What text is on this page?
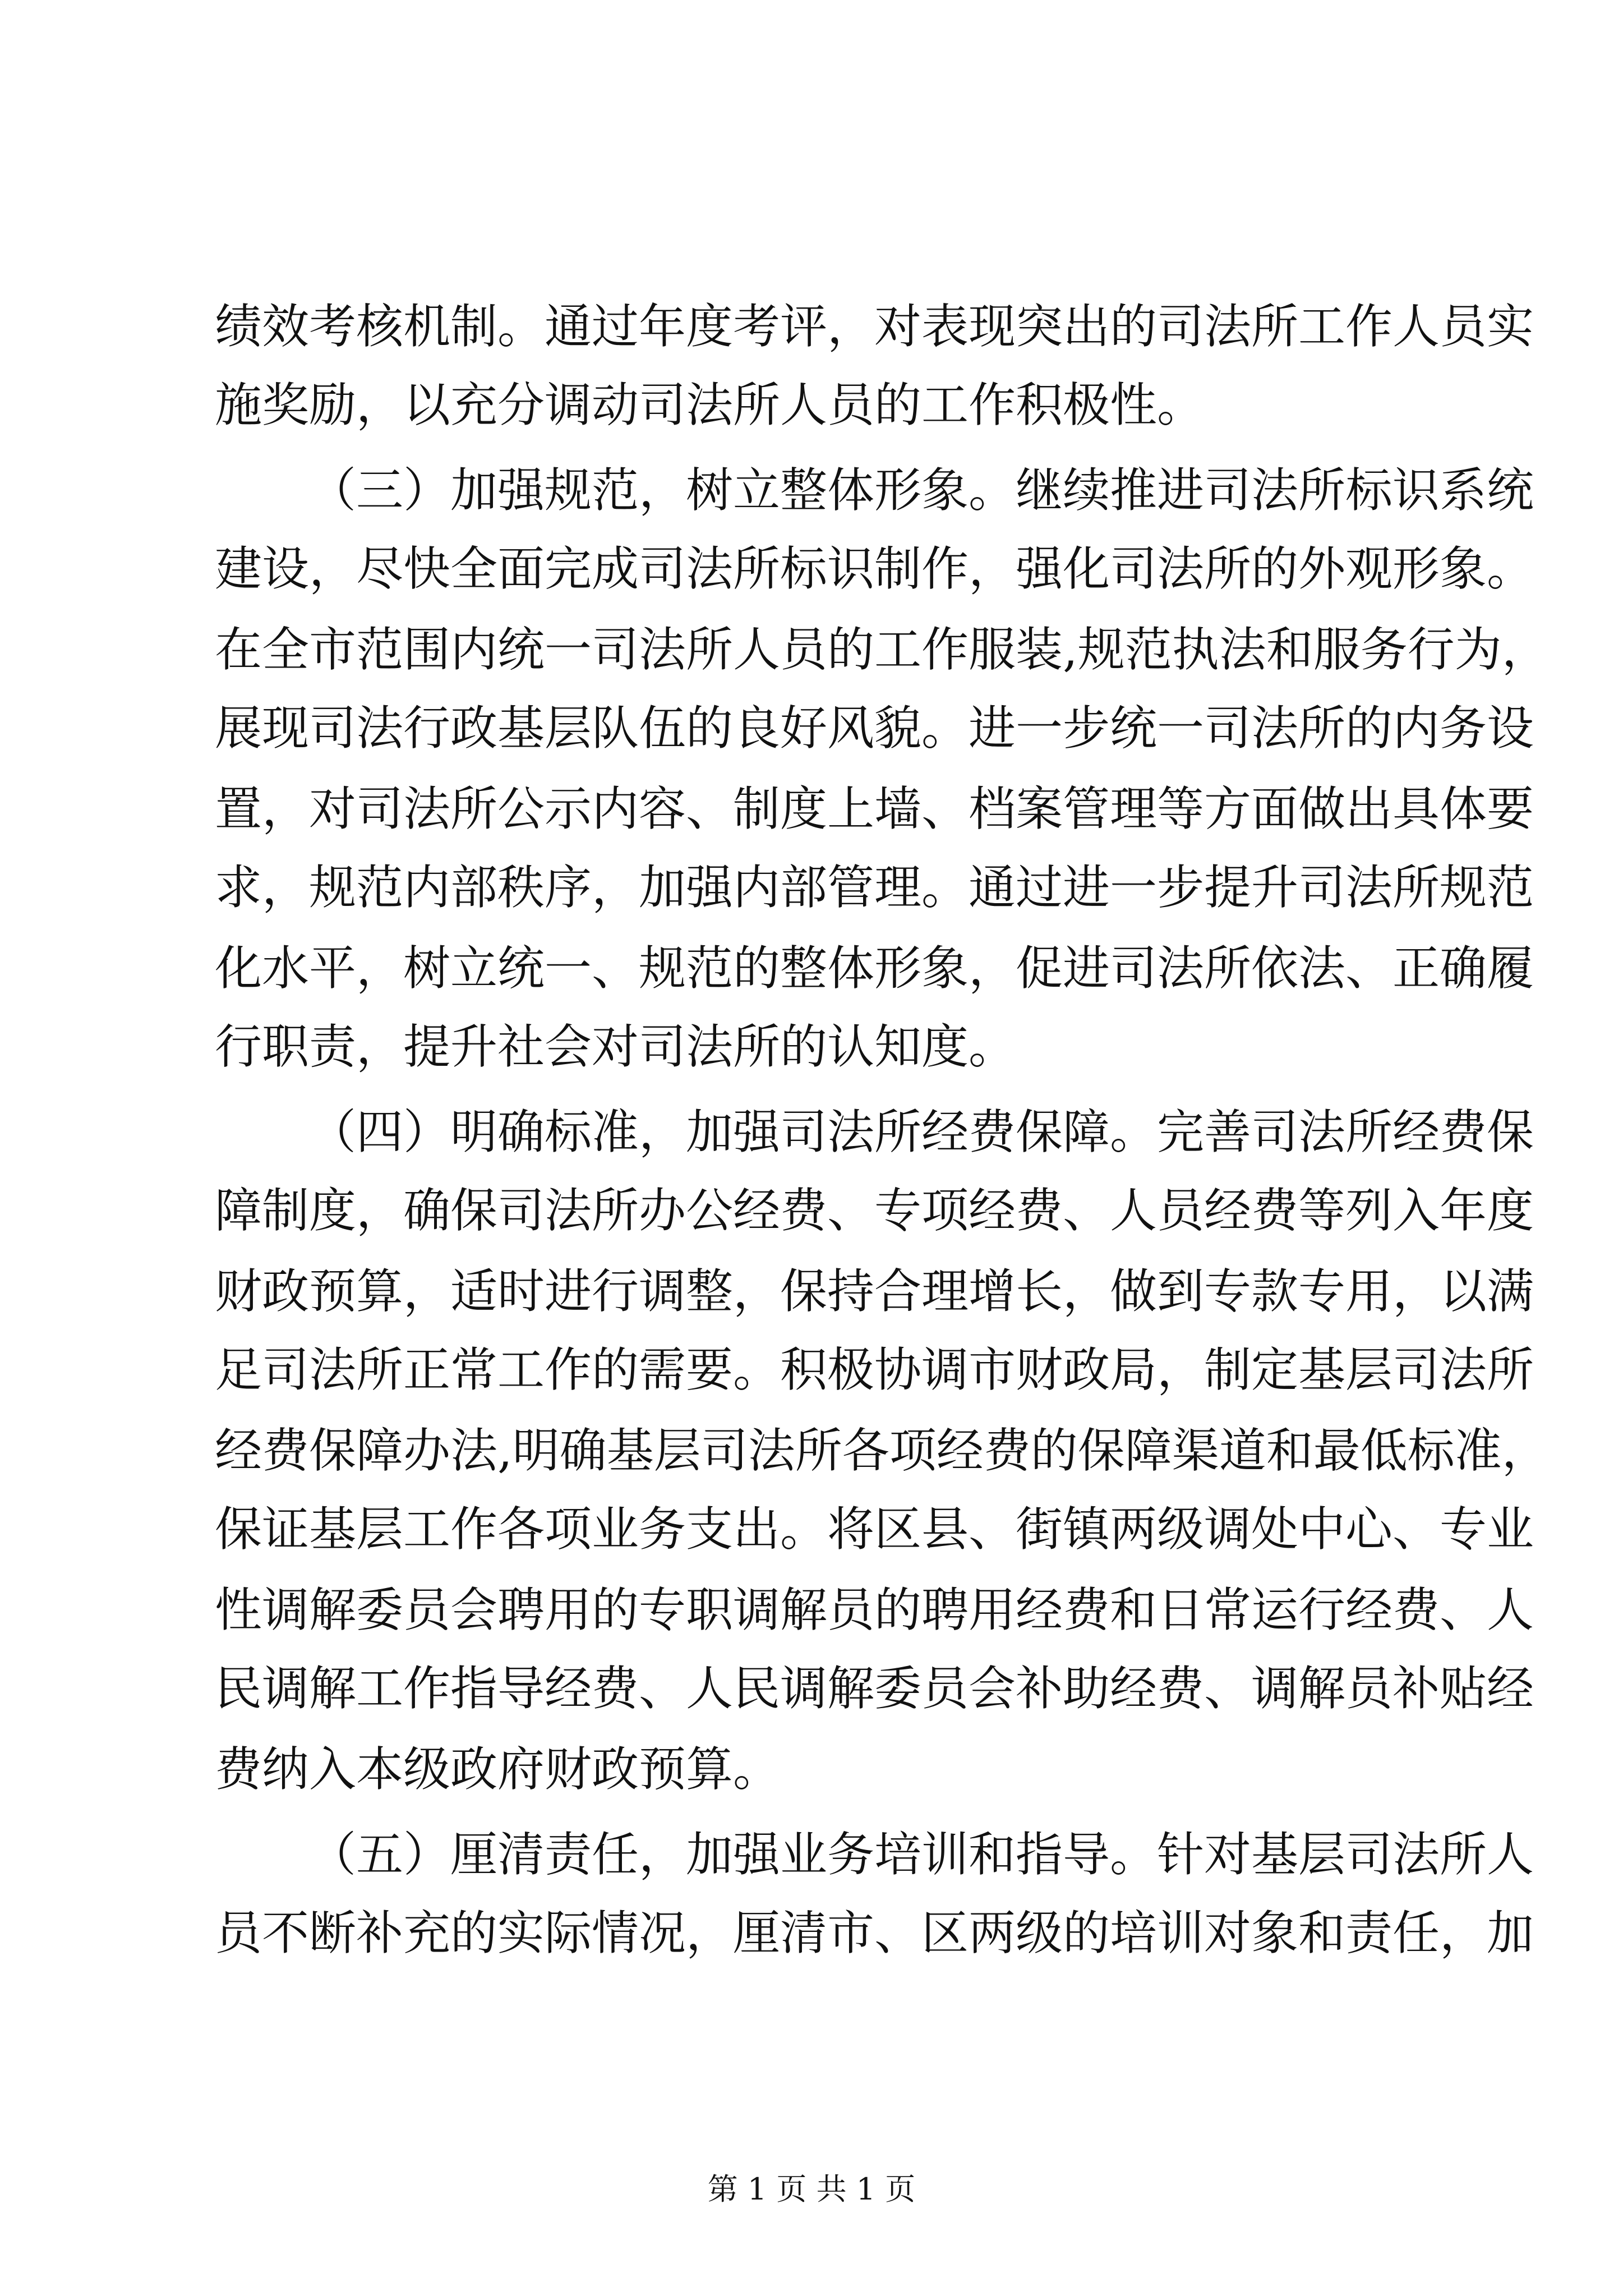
绩效考核机制。通过年度考评，对表现突出的司法所工作人员实
施奖励，以充分调动司法所人员的工作积极性。
（三）加强规范，树立整体形象。继续推进司法所标识系统
建设，尽快全面完成司法所标识制作，强化司法所的外观形象。
在全市范围内统一司法所人员的工作服装,规范执法和服务行为，
展现司法行政基层队伍的良好风貌。进一步统一司法所的内务设
置，对司法所公示内容、制度上墙、档案管理等方面做出具体要
求，规范内部秩序，加强内部管理。通过进一步提升司法所规范
化水平，树立统一、规范的整体形象，促进司法所依法、正确履
行职责，提升社会对司法所的认知度。
（四）明确标准，加强司法所经费保障。完善司法所经费保
障制度，确保司法所办公经费、专项经费、人员经费等列入年度
财政预算，适时进行调整，保持合理增长，做到专款专用，以满
足司法所正常工作的需要。积极协调市财政局，制定基层司法所
经费保障办法,明确基层司法所各项经费的保障渠道和最低标准，
保证基层工作各项业务支出。将区县、街镇两级调处中心、专业
性调解委员会聘用的专职调解员的聘用经费和日常运行经费、人
民调解工作指导经费、人民调解委员会补助经费、调解员补贴经
费纳入本级政府财政预算。
（五）厘清责任，加强业务培训和指导。针对基层司法所人
员不断补充的实际情况，厘清市、区两级的培训对象和责任，加
第 1 页 共 1 页
